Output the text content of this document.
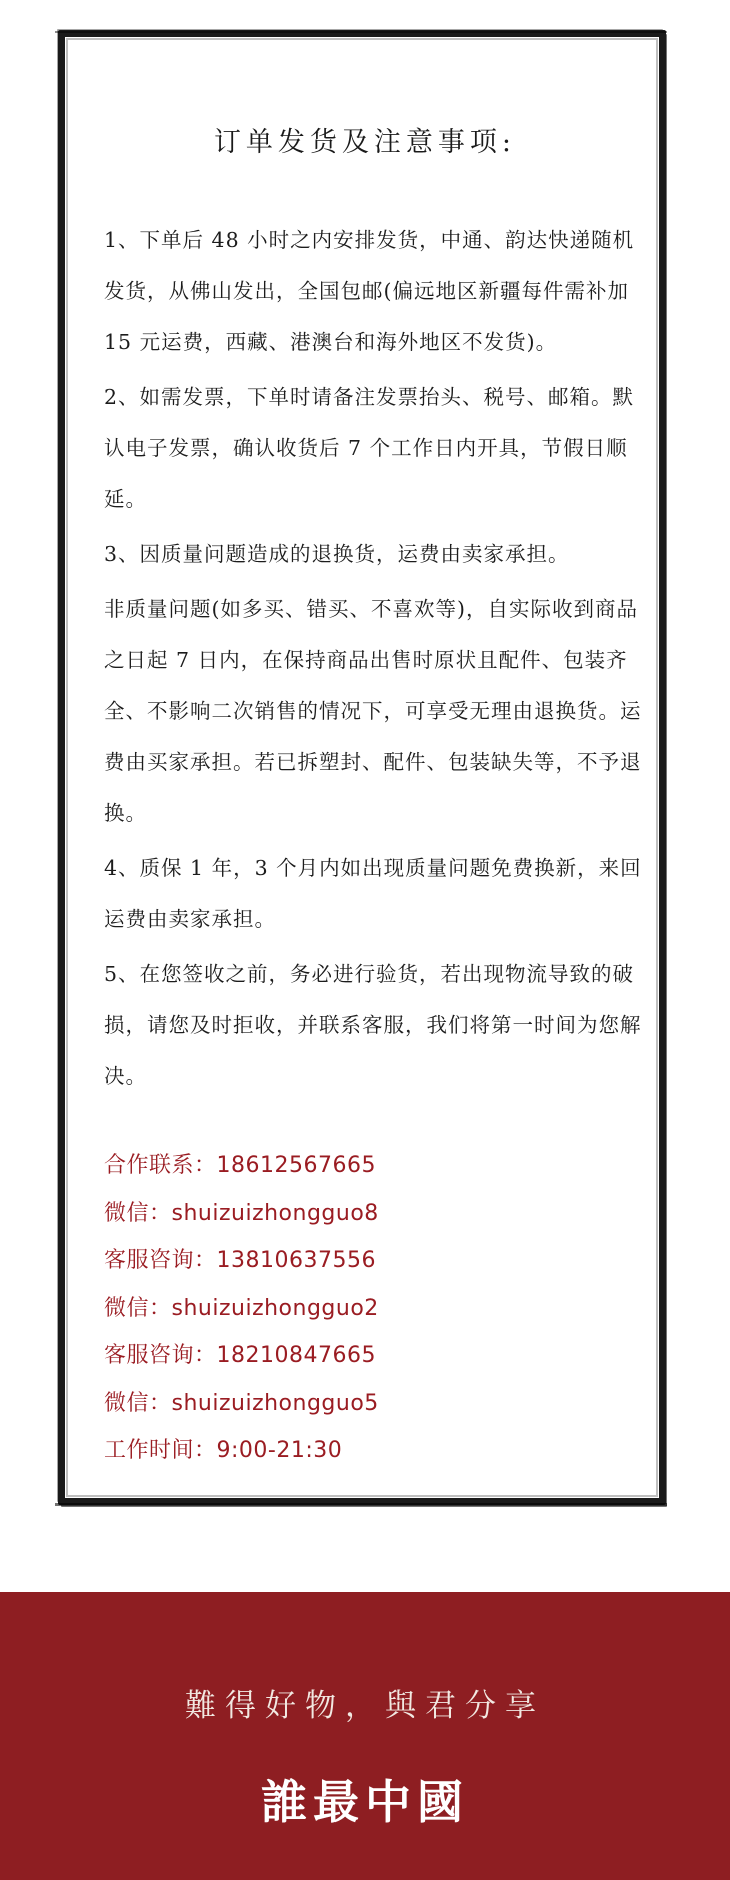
订单发货及注意事项:

1、下单后 48 小时之内安排发货，中通、韵达快递随机发货，从佛山发出，全国包邮(偏远地区新疆每件需补加 15 元运费，西藏、港澳台和海外地区不发货)。

2、如需发票，下单时请备注发票抬头、税号、邮箱。默认电子发票，确认收货后 7 个工作日内开具，节假日顺延。

3、因质量问题造成的退换货，运费由卖家承担。

非质量问题(如多买、错买、不喜欢等)，自实际收到商品之日起 7 日内，在保持商品出售时原状且配件、包装齐全、不影响二次销售的情况下，可享受无理由退换货。运费由买家承担。若已拆塑封、配件、包装缺失等，不予退换。

4、质保 1 年，3 个月内如出现质量问题免费换新，来回运费由卖家承担。

5、在您签收之前，务必进行验货，若出现物流导致的破损，请您及时拒收，并联系客服，我们将第一时间为您解决。

合作联系：18612567665
微信：shuizuizhongguo8
客服咨询：13810637556
微信：shuizuizhongguo2
客服咨询：18210847665
微信：shuizuizhongguo5
工作时间：9:00-21:30
難得好物，與君分享
誰最中國
